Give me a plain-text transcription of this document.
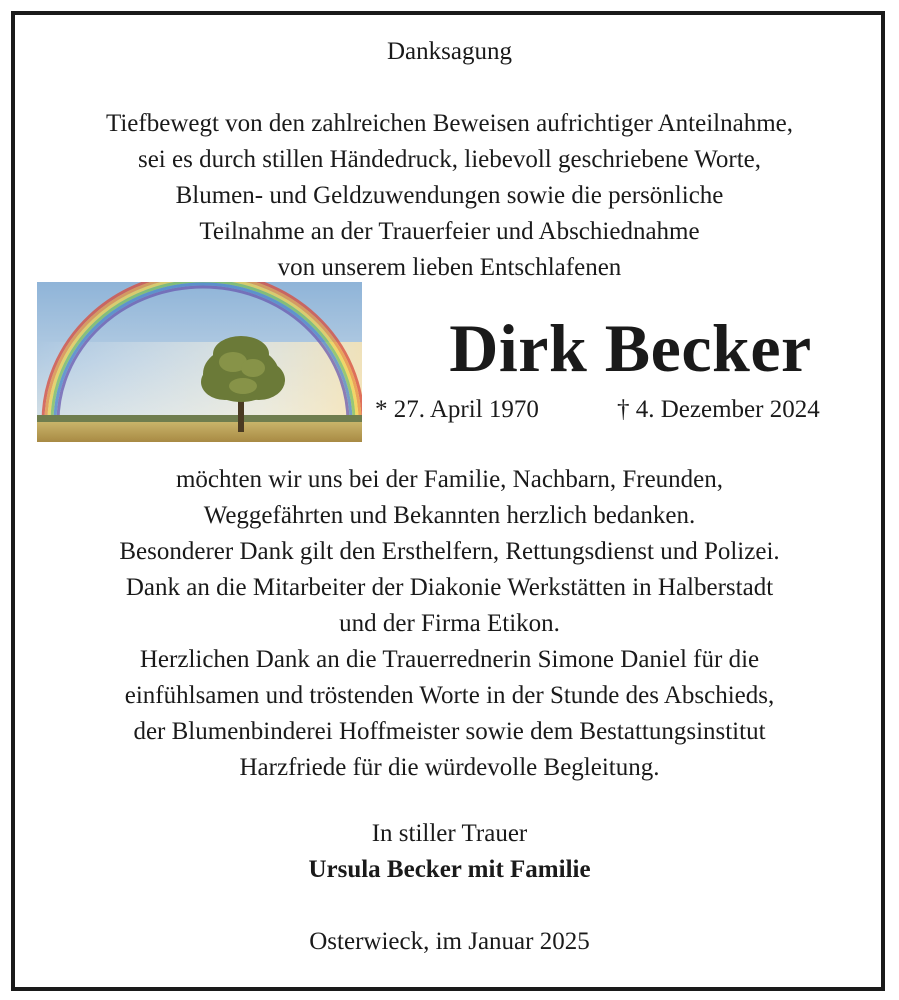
Danksagung
Tiefbewegt von den zahlreichen Beweisen aufrichtiger Anteilnahme,
sei es durch stillen Händedruck, liebevoll geschriebene Worte,
Blumen- und Geldzuwendungen sowie die persönliche
Teilnahme an der Trauerfeier und Abschiednahme
von unserem lieben Entschlafenen
Dirk Becker
* 27. April 1970	† 4. Dezember 2024
möchten wir uns bei der Familie, Nachbarn, Freunden,
Weggefährten und Bekannten herzlich bedanken.
Besonderer Dank gilt den Ersthelfern, Rettungsdienst und Polizei.
Dank an die Mitarbeiter der Diakonie Werkstätten in Halberstadt
und der Firma Etikon.
Herzlichen Dank an die Trauerrednerin Simone Daniel für die
einfühlsamen und tröstenden Worte in der Stunde des Abschieds,
der Blumenbinderei Hoffmeister sowie dem Bestattungsinstitut
Harzfriede für die würdevolle Begleitung.
In stiller Trauer
Ursula Becker mit Familie
Osterwieck, im Januar 2025
